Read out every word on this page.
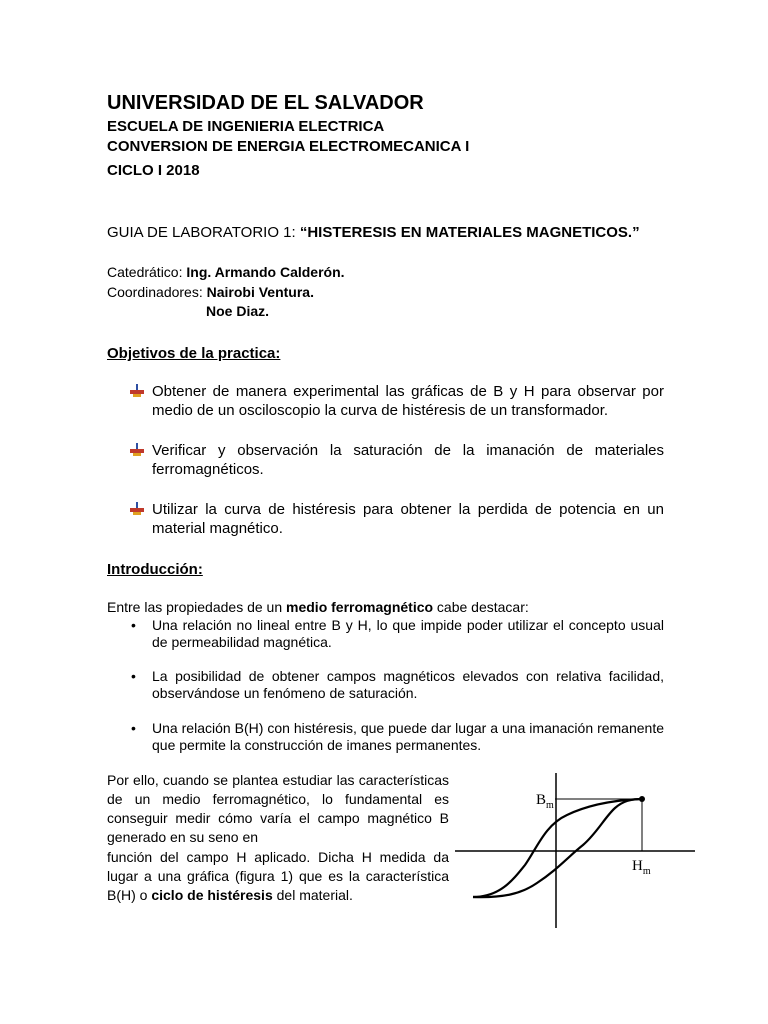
UNIVERSIDAD DE EL SALVADOR
ESCUELA DE INGENIERIA ELECTRICA
CONVERSION DE ENERGIA ELECTROMECANICA I
CICLO I 2018
GUIA DE LABORATORIO 1: “HISTERESIS EN MATERIALES MAGNETICOS.”
Catedrático: Ing. Armando Calderón.
Coordinadores: Nairobi Ventura.
Noe Diaz.
Objetivos de la practica:
Obtener de manera experimental las gráficas de B y H para observar por medio de un osciloscopio la curva de histéresis de un transformador.
Verificar y observación la saturación de la imanación de materiales ferromagnéticos.
Utilizar la curva de histéresis para obtener la perdida de potencia en un material magnético.
Introducción:
Entre las propiedades de un medio ferromagnético cabe destacar:
• Una relación no lineal entre B y H, lo que impide poder utilizar el concepto usual de permeabilidad magnética.
• La posibilidad de obtener campos magnéticos elevados con relativa facilidad, observándose un fenómeno de saturación.
• Una relación B(H) con histéresis, que puede dar lugar a una imanación remanente que permite la construcción de imanes permanentes.
Por ello, cuando se plantea estudiar las características de un medio ferromagnético, lo fundamental es conseguir medir cómo varía el campo magnético B generado en su seno en
función del campo H aplicado. Dicha H medida da lugar a una gráfica (figura 1) que es la característica B(H) o ciclo de histéresis del material.
$B_m$
$H_m$
